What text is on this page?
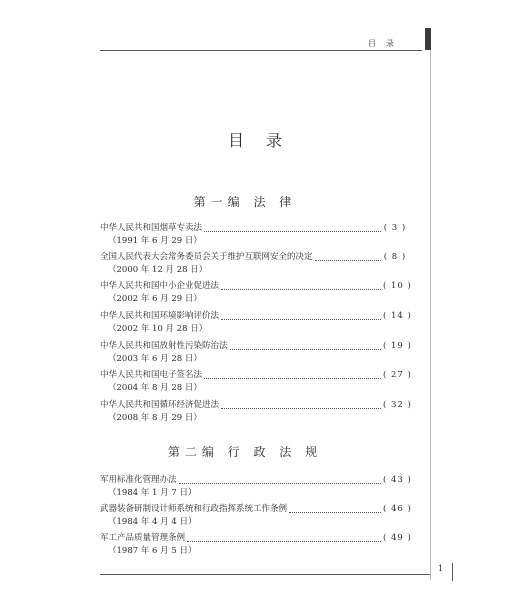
目录
目录
第一编 法 律
中华人民共和国烟草专卖法	( 3 )
（1991 年 6 月 29 日）
全国人民代表大会常务委员会关于维护互联网安全的决定	( 8 )
（2000 年 12 月 28 日）
中华人民共和国中小企业促进法	( 10 )
（2002 年 6 月 29 日）
中华人民共和国环境影响评价法	( 14 )
（2002 年 10 月 28 日）
中华人民共和国放射性污染防治法	( 19 )
（2003 年 6 月 28 日）
中华人民共和国电子签名法	( 27 )
（2004 年 8 月 28 日）
中华人民共和国循环经济促进法	( 32 )
（2008 年 8 月 29 日）
第二编 行 政 法 规
军用标准化管理办法	( 43 )
（1984 年 1 月 7 日）
武器装备研制设计师系统和行政指挥系统工作条例	( 46 )
（1984 年 4 月 4 日）
军工产品质量管理条例	( 49 )
（1987 年 6 月 5 日）
1
